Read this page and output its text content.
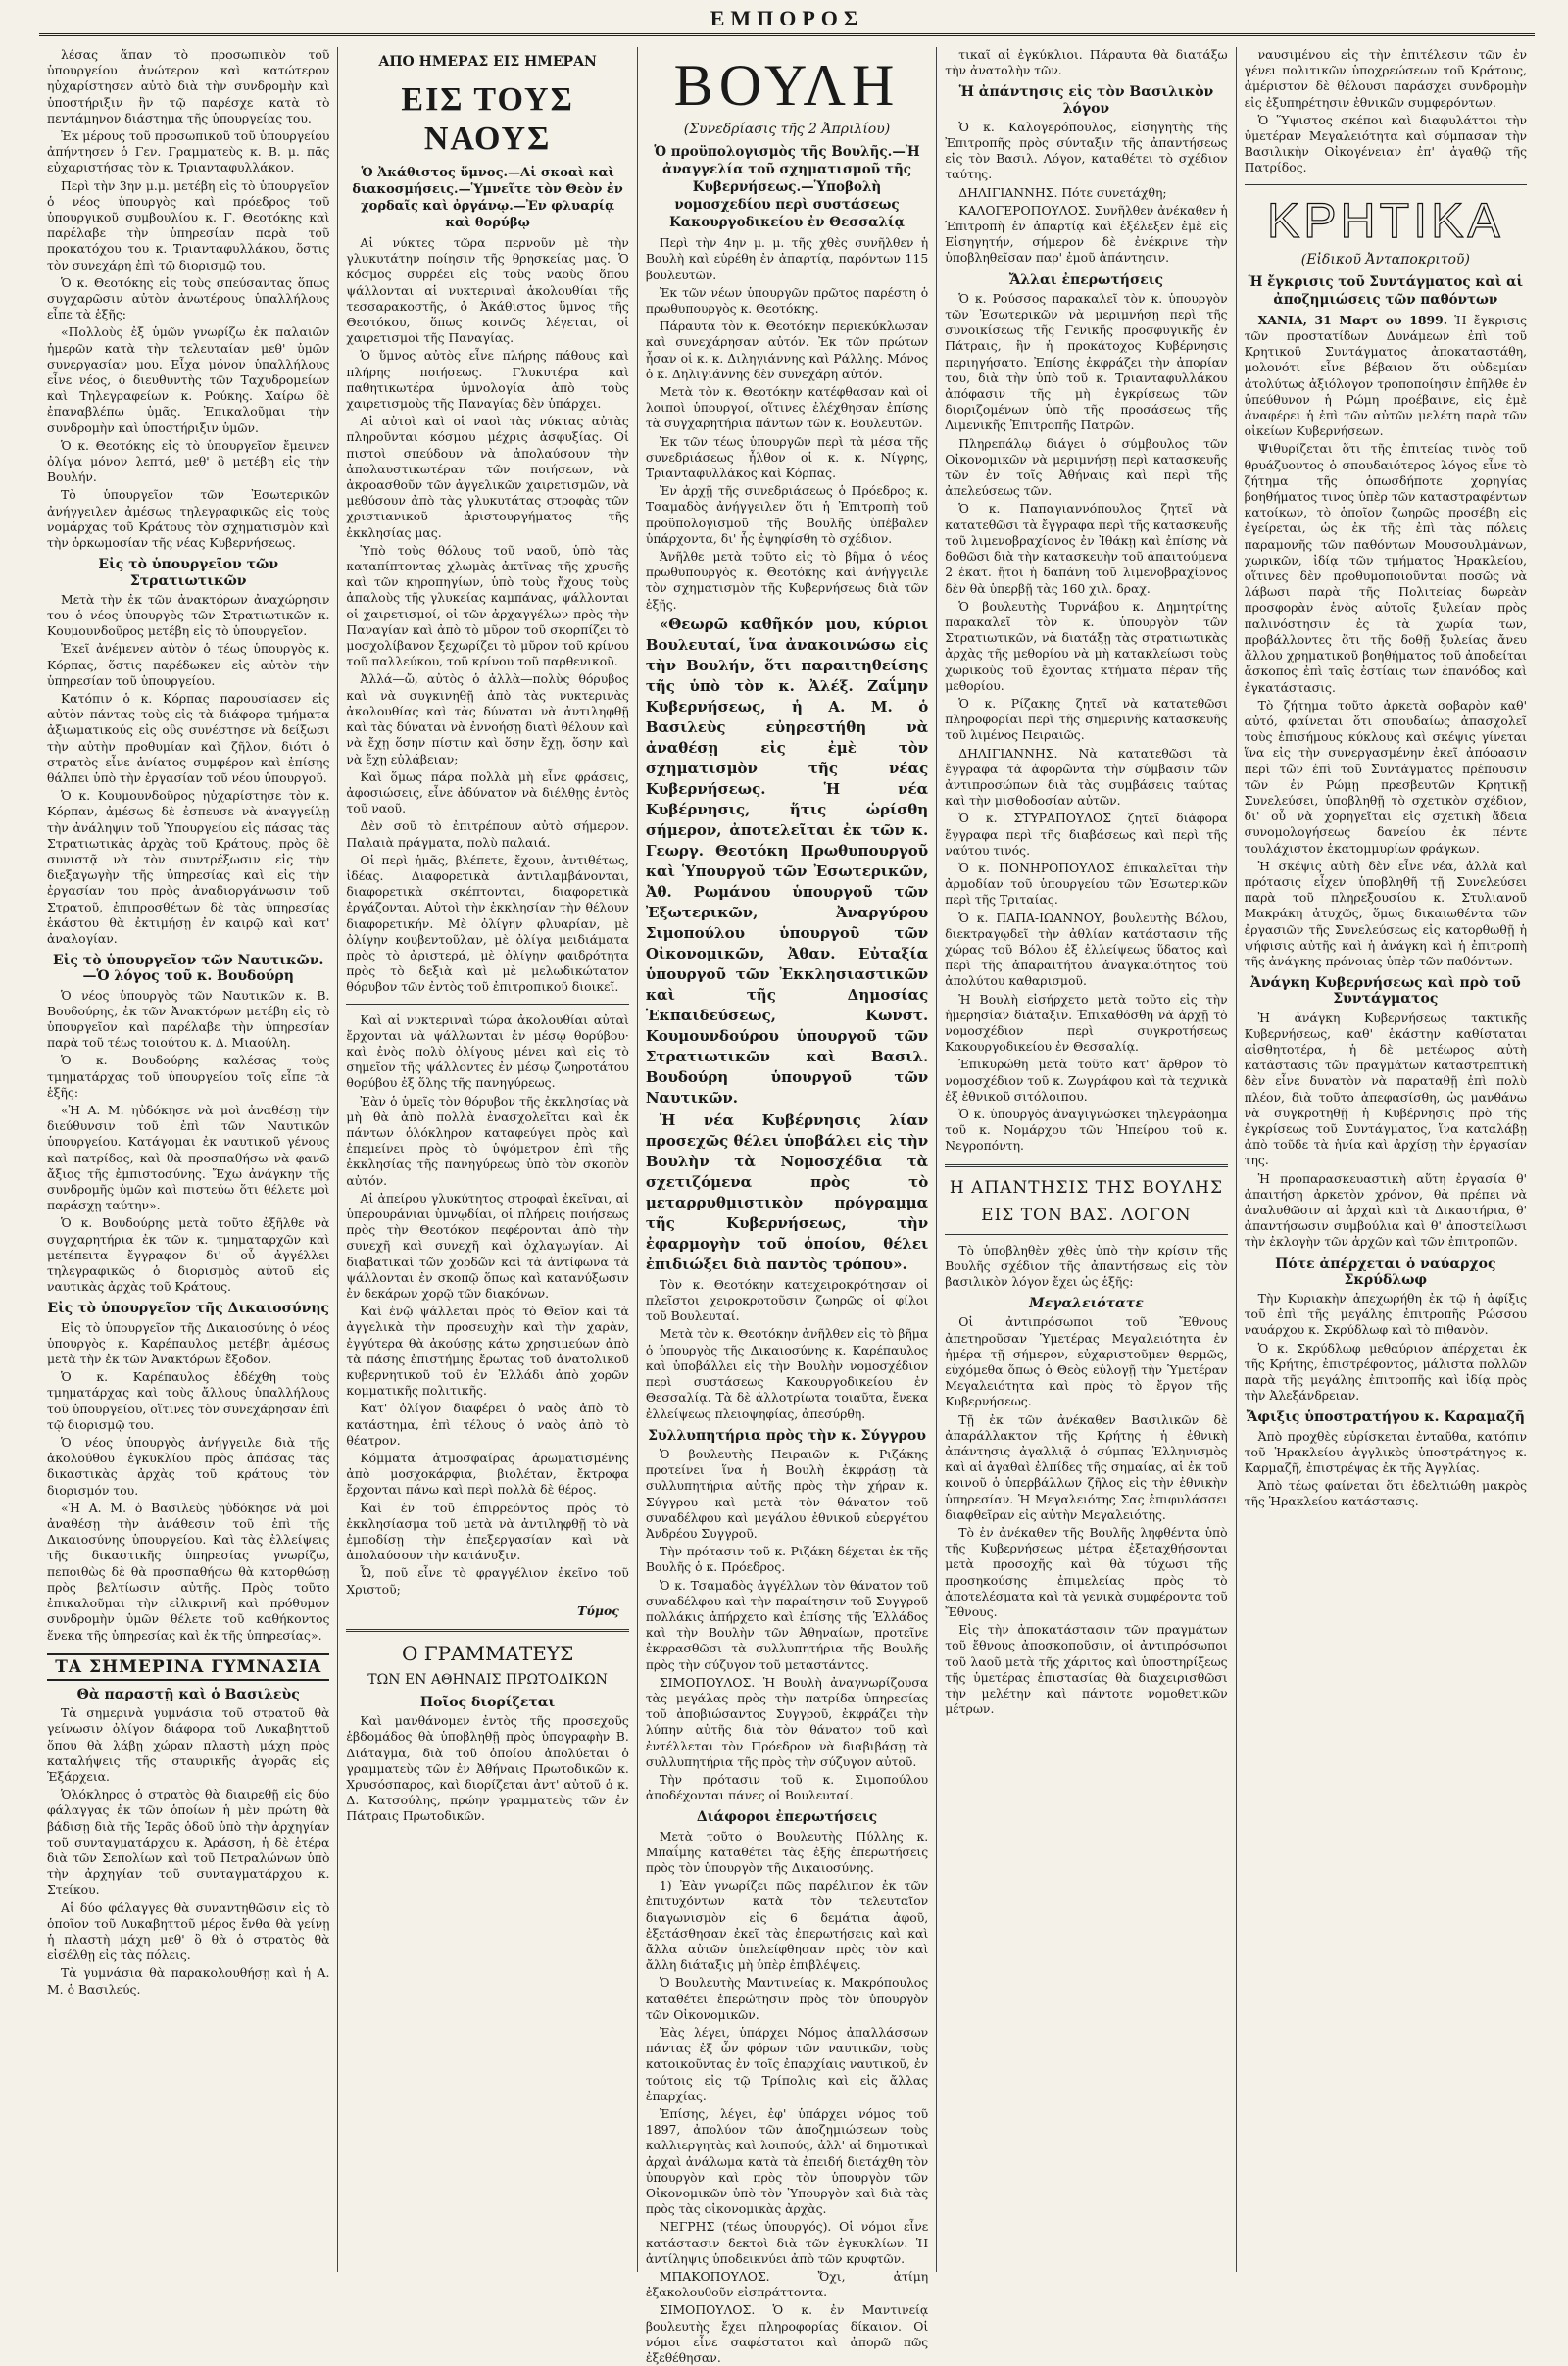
ΕΜΠΟΡΟΣ

λέσας ἅπαν τὸ προσωπικὸν τοῦ ὑπουργείου ἀνώτερον καὶ κατώτερον ηὐχαρίστησεν αὐτὸ διὰ τὴν συνδρομὴν καὶ ὑποστήριξιν ἣν τῷ παρέσχε κατὰ τὸ πεντάμηνον διάστημα τῆς ὑπουργείας του.

Ἐκ μέρους τοῦ προσωπικοῦ τοῦ ὑπουργείου ἀπήντησεν ὁ Γεν. Γραμματεὺς κ. Β. μ. πᾶς εὐχαριστήσας τὸν κ. Τριανταφυλλάκον.

Περὶ τὴν 3ην μ.μ. μετέβη εἰς τὸ ὑπουργεῖον ὁ νέος ὑπουργὸς καὶ πρόεδρος τοῦ ὑπουργικοῦ συμβουλίου κ. Γ. Θεοτόκης καὶ παρέλαβε τὴν ὑπηρεσίαν παρὰ τοῦ προκατόχου του κ. Τριανταφυλλάκου, ὅστις τὸν συνεχάρη ἐπὶ τῷ διορισμῷ του.

Ὁ κ. Θεοτόκης εἰς τοὺς σπεύσαντας ὅπως συγχαρῶσιν αὐτὸν ἀνωτέρους ὑπαλλήλους εἶπε τὰ ἑξῆς:

«Πολλοὺς ἐξ ὑμῶν γνωρίζω ἐκ παλαιῶν ἡμερῶν κατὰ τὴν τελευταίαν μεθ' ὑμῶν συνεργασίαν μου. Εἶχα μόνον ὑπαλλήλους εἶνε νέος, ὁ διευθυντὴς τῶν Ταχυδρομείων καὶ Τηλεγραφείων κ. Ρούκης. Χαίρω δὲ ἐπαναβλέπω ὑμᾶς. Ἐπικαλοῦμαι τὴν συνδρομὴν καὶ ὑποστήριξιν ὑμῶν.

Ὁ κ. Θεοτόκης εἰς τὸ ὑπουργεῖον ἔμεινεν ὀλίγα μόνον λεπτά, μεθ' ὃ μετέβη εἰς τὴν Βουλήν.

Τὸ ὑπουργεῖον τῶν Ἐσωτερικῶν ἀνήγγειλεν ἀμέσως τηλεγραφικῶς εἰς τοὺς νομάρχας τοῦ Κράτους τὸν σχηματισμὸν καὶ τὴν ὁρκωμοσίαν τῆς νέας Κυβερνήσεως.

Εἰς τὸ ὑπουργεῖον τῶν Στρατιωτικῶν

Μετὰ τὴν ἐκ τῶν ἀνακτόρων ἀναχώρησιν του ὁ νέος ὑπουργὸς τῶν Στρατιωτικῶν κ. Κουμουνδοῦρος μετέβη εἰς τὸ ὑπουργεῖον.

Ἐκεῖ ἀνέμενεν αὐτὸν ὁ τέως ὑπουργὸς κ. Κόρπας, ὅστις παρέδωκεν εἰς αὐτὸν τὴν ὑπηρεσίαν τοῦ ὑπουργείου.

Κατόπιν ὁ κ. Κόρπας παρουσίασεν εἰς αὐτὸν πάντας τοὺς εἰς τὰ διάφορα τμήματα ἀξιωματικούς εἰς οὓς συνέστησε νὰ δείξωσι τὴν αὐτὴν προθυμίαν καὶ ζῆλον, διότι ὁ στρατὸς εἶνε ἀνίατος συμφέρον καὶ ἐπίσης θάλπει ὑπὸ τὴν ἐργασίαν τοῦ νέου ὑπουργοῦ.

Ὁ κ. Κουμουνδοῦρος ηὐχαρίστησε τὸν κ. Κόρπαν, ἀμέσως δὲ ἐσπευσε νὰ ἀναγγείλῃ τὴν ἀνάληψιν τοῦ Ὑπουργείου εἰς πάσας τὰς Στρατιωτικὰς ἀρχὰς τοῦ Κράτους, πρὸς δὲ συνιστᾷ νὰ τὸν συντρέξωσιν εἰς τὴν διεξαγωγὴν τῆς ὑπηρεσίας καὶ εἰς τὴν ἐργασίαν του πρὸς ἀναδιοργάνωσιν τοῦ Στρατοῦ, ἐπιπροσθέτων δὲ τὰς ὑπηρεσίας ἑκάστου θὰ ἐκτιμήσῃ ἐν καιρῷ καὶ κατ' ἀναλογίαν.

Εἰς τὸ ὑπουργεῖον τῶν Ναυτικῶν.—Ὁ λόγος τοῦ κ. Βουδούρη

Ὁ νέος ὑπουργὸς τῶν Ναυτικῶν κ. Β. Βουδούρης, ἐκ τῶν Ἀνακτόρων μετέβη εἰς τὸ ὑπουργεῖον καὶ παρέλαβε τὴν ὑπηρεσίαν παρὰ τοῦ τέως τοιούτου κ. Δ. Μιαούλη.

Ὁ κ. Βουδούρης καλέσας τοὺς τμηματάρχας τοῦ ὑπουργείου τοῖς εἶπε τὰ ἑξῆς:

«Ἡ Α. Μ. ηὐδόκησε νὰ μοὶ ἀναθέσῃ τὴν διεύθυνσιν τοῦ ἐπὶ τῶν Ναυτικῶν ὑπουργείου. Κατάγομαι ἐκ ναυτικοῦ γένους καὶ πατρίδος, καὶ θὰ προσπαθήσω νὰ φανῶ ἄξιος τῆς ἐμπιστοσύνης. Ἔχω ἀνάγκην τῆς συνδρομῆς ὑμῶν καὶ πιστεύω ὅτι θέλετε μοὶ παράσχῃ ταύτην».

Ὁ κ. Βουδούρης μετὰ τοῦτο ἐξῆλθε νὰ συγχαρητήρια ἐκ τῶν κ. τμηματαρχῶν καὶ μετέπειτα ἔγγραφον δι' οὗ ἀγγέλλει τηλεγραφικῶς ὁ διορισμὸς αὐτοῦ εἰς ναυτικὰς ἀρχὰς τοῦ Κράτους.

Εἰς τὸ ὑπουργεῖον τῆς Δικαιοσύνης

Εἰς τὸ ὑπουργεῖον τῆς Δικαιοσύνης ὁ νέος ὑπουργὸς κ. Καρέπαυλος μετέβη ἀμέσως μετὰ τὴν ἐκ τῶν Ἀνακτόρων ἔξοδον.

Ὁ κ. Καρέπαυλος ἐδέχθη τοὺς τμηματάρχας καὶ τοὺς ἄλλους ὑπαλλήλους τοῦ ὑπουργείου, οἵτινες τὸν συνεχάρησαν ἐπὶ τῷ διορισμῷ του.

Ὁ νέος ὑπουργὸς ἀνήγγειλε διὰ τῆς ἀκολούθου ἐγκυκλίου πρὸς ἁπάσας τὰς δικαστικὰς ἀρχὰς τοῦ κράτους τὸν διορισμόν του.

«Ἡ Α. Μ. ὁ Βασιλεὺς ηὐδόκησε νὰ μοὶ ἀναθέσῃ τὴν ἀνάθεσιν τοῦ ἐπὶ τῆς Δικαιοσύνης ὑπουργείου. Καὶ τὰς ἐλλείψεις τῆς δικαστικῆς ὑπηρεσίας γνωρίζω, πεποιθὼς δὲ θὰ προσπαθήσω θὰ κατορθώσῃ πρὸς βελτίωσιν αὐτῆς. Πρὸς τοῦτο ἐπικαλοῦμαι τὴν εἰλικρινῆ καὶ πρόθυμον συνδρομὴν ὑμῶν θέλετε τοῦ καθήκοντος ἕνεκα τῆς ὑπηρεσίας καὶ ἐκ τῆς ὑπηρεσίας».

ΤΑ ΣΗΜΕΡΙΝΑ ΓΥΜΝΑΣΙΑ
Θὰ παραστῇ καὶ ὁ Βασιλεὺς

Τὰ σημερινὰ γυμνάσια τοῦ στρατοῦ θὰ γείνωσιν ὀλίγον διάφορα τοῦ Λυκαβηττοῦ ὅπου θὰ λάβῃ χώραν πλαστὴ μάχη πρὸς καταλήψεις τῆς σταυρικῆς ἀγορᾶς εἰς Ἑξάρχεια.

Ὁλόκληρος ὁ στρατὸς θὰ διαιρεθῇ εἰς δύο φάλαγγας ἐκ τῶν ὁποίων ἡ μὲν πρώτη θὰ βάδισῃ διὰ τῆς Ἱερᾶς ὁδοῦ ὑπὸ τὴν ἀρχηγίαν τοῦ συνταγματάρχου κ. Ἀράσση, ἡ δὲ ἑτέρα διὰ τῶν Σεπολίων καὶ τοῦ Πετραλώνων ὑπὸ τὴν ἀρχηγίαν τοῦ συνταγματάρχου κ. Στείκου.

Αἱ δύο φάλαγγες θὰ συναντηθῶσιν εἰς τὸ ὁποῖον τοῦ Λυκαβηττοῦ μέρος ἔνθα θὰ γείνῃ ἡ πλαστὴ μάχη μεθ' ὃ θὰ ὁ στρατὸς θὰ εἰσέλθῃ εἰς τὰς πόλεις.

Τὰ γυμνάσια θὰ παρακολουθήσῃ καὶ ἡ Α. Μ. ὁ Βασιλεύς.

ΑΠΟ ΗΜΕΡΑΣ ΕΙΣ ΗΜΕΡΑΝ
ΕΙΣ ΤΟΥΣ ΝΑΟΥΣ
Ὁ Ἀκάθιστος ὕμνος.—Αἱ σκοαὶ καὶ διακοσμήσεις.—Ὑμνεῖτε τὸν Θεὸν ἐν χορδαῖς καὶ ὀργάνῳ.—Ἐν φλυαρίᾳ καὶ θορύβῳ

Αἱ νύκτες τῶρα περνοῦν μὲ τὴν γλυκυτάτην ποίησιν τῆς θρησκείας μας. Ὁ κόσμος συρρέει εἰς τοὺς ναοὺς ὅπου ψάλλονται αἱ νυκτεριναὶ ἀκολουθίαι τῆς τεσσαρακοστῆς, ὁ Ἀκάθιστος ὕμνος τῆς Θεοτόκου, ὅπως κοινῶς λέγεται, οἱ χαιρετισμοὶ τῆς Παναγίας.

Ὁ ὕμνος αὐτὸς εἶνε πλήρης πάθους καὶ πλήρης ποιήσεως. Γλυκυτέρα καὶ παθητικωτέρα ὑμνολογία ἀπὸ τοὺς χαιρετισμοὺς τῆς Παναγίας δὲν ὑπάρχει.

Αἱ αὐτοὶ καὶ οἱ ναοὶ τὰς νύκτας αὐτὰς πληροῦνται κόσμου μέχρις ἀσφυξίας. Οἱ πιστοὶ σπεύδουν νὰ ἀπολαύσουν τὴν ἀπολαυστικωτέραν τῶν ποιήσεων, νὰ ἀκροασθοῦν τῶν ἀγγελικῶν χαιρετισμῶν, νὰ μεθύσουν ἀπὸ τὰς γλυκυτάτας στροφὰς τῶν χριστιανικοῦ ἀριστουργήματος τῆς ἐκκλησίας μας.

Ὑπὸ τοὺς θόλους τοῦ ναοῦ, ὑπὸ τὰς καταπίπτοντας χλωμὰς ἀκτῖνας τῆς χρυσῆς καὶ τῶν κηροπηγίων, ὑπὸ τοὺς ἤχους τοὺς ἁπαλοὺς τῆς γλυκείας καμπάνας, ψάλλονται οἱ χαιρετισμοί, οἱ τῶν ἀρχαγγέλων πρὸς τὴν Παναγίαν καὶ ἀπὸ τὸ μῦρον τοῦ σκορπίζει τὸ μοσχολίβανον ξεχωρίζει τὸ μῦρον τοῦ κρίνου τοῦ παλλεύκου, τοῦ κρίνου τοῦ παρθενικοῦ.

Ἀλλά—ὤ, αὐτὸς ὁ ἀλλὰ—πολὺς θόρυβος καὶ νὰ συγκινηθῇ ἀπὸ τὰς νυκτερινὰς ἀκολουθίας καὶ τὰς δύναται νὰ ἀντιληφθῇ καὶ τὰς δύναται νὰ ἐννοήσῃ διατὶ θέλουν καὶ νὰ ἔχῃ ὅσην πίστιν καὶ ὅσην ἔχῃ, ὅσην καὶ νὰ ἔχῃ εὐλάβειαν;

Καὶ ὅμως πάρα πολλὰ μὴ εἶνε φράσεις, ἀφοσιώσεις, εἶνε ἀδύνατον νὰ διέλθῃς ἐντὸς τοῦ ναοῦ.

Δὲν σοῦ τὸ ἐπιτρέπουν αὐτὸ σήμερον. Παλαιὰ πράγματα, πολὺ παλαιά.

Οἱ περὶ ἡμᾶς, βλέπετε, ἔχουν, ἀντιθέτως, ἰδέας. Διαφορετικὰ ἀντιλαμβάνονται, διαφορετικὰ σκέπτονται, διαφορετικὰ ἐργάζονται. Αὐτοὶ τὴν ἐκκλησίαν τὴν θέλουν διαφορετικήν. Μὲ ὀλίγην φλυαρίαν, μὲ ὀλίγην κουβεντοῦλαν, μὲ ὀλίγα μειδιάματα πρὸς τὸ ἀριστερά, μὲ ὀλίγην φαιδρότητα πρὸς τὸ δεξιὰ καὶ μὲ μελωδικώτατον θόρυβον τῶν ἐντὸς τοῦ ἐπιτροπικοῦ διοικεῖ.

Καὶ αἱ νυκτεριναὶ τώρα ἀκολουθίαι αὐταὶ ἔρχονται νὰ ψάλλωνται ἐν μέσῳ θορύβου· καὶ ἐνὸς πολὺ ὀλίγους μένει καὶ εἰς τὸ σημεῖον τῆς ψάλλοντες ἐν μέσῳ ζωηροτάτου θορύβου ἐξ ὅλης τῆς πανηγύρεως.

Ἐὰν ὁ ὑμεῖς τὸν θόρυβον τῆς ἐκκλησίας νὰ μὴ θὰ ἀπὸ πολλὰ ἐνασχολεῖται καὶ ἐκ πάντων ὁλόκληρον καταφεύγει πρὸς καὶ ἐπεμείνει πρὸς τὸ ὑψόμετρον ἐπὶ τῆς ἐκκλησίας τῆς πανηγύρεως ὑπὸ τὸν σκοπὸν αὐτόν.

Αἱ ἀπείρου γλυκύτητος στροφαὶ ἐκεῖναι, αἱ ὑπερουράνιαι ὑμνῳδίαι, οἱ πλήρεις ποιήσεως πρὸς τὴν Θεοτόκον πεφέρονται ἀπὸ τὴν συνεχῆ καὶ συνεχῆ καὶ ὀχλαγωγίαν. Αἱ διαβατικαὶ τῶν χορδῶν καὶ τὰ ἀντίφωνα τὰ ψάλλονται ἐν σκοπῷ ὅπως καὶ κατανύξωσιν ἐν δεκάρων χορῷ τῶν διακόνων.

Καὶ ἐνῷ ψάλλεται πρὸς τὸ Θεῖον καὶ τὰ ἀγγελικὰ τὴν προσευχὴν καὶ τὴν χαρὰν, ἐγγύτερα θὰ ἀκούσῃς κάτω χρησιμεύων ἀπὸ τὰ πάσης ἐπιστήμης ἔρωτας τοῦ ἀνατολικοῦ κυβερνητικοῦ τοῦ ἐν Ἑλλάδι ἀπὸ χορῶν κομματικῆς πολιτικῆς.

Κατ' ὀλίγον διαφέρει ὁ ναὸς ἀπὸ τὸ κατάστημα, ἐπὶ τέλους ὁ ναὸς ἀπὸ τὸ θέατρον.

Κόμματα ἀτμοσφαίρας ἀρωματισμένης ἀπὸ μοσχοκάρφια, βιολέταν, ἔκτροφα ἔρχονται πάνω καὶ περὶ πολλὰ δὲ θέρος.

Καὶ ἐν τοῦ ἐπιρρεόντος πρὸς τὸ ἐκκλησίασμα τοῦ μετὰ νὰ ἀντιληφθῇ τὸ νὰ ἐμποδίσῃ τὴν ἐπεξεργασίαν καὶ νὰ ἀπολαύσουν τὴν κατάνυξιν.

Ὦ, ποῦ εἶνε τὸ φραγγέλιον ἐκεῖνο τοῦ Χριστοῦ;

Τύμος
Ο ΓΡΑΜΜΑΤΕΥΣ
ΤΩΝ ΕΝ ΑΘΗΝΑΙΣ ΠΡΩΤΟΔΙΚΩΝ
Ποῖος διορίζεται

Καὶ μανθάνομεν ἐντὸς τῆς προσεχοῦς ἑβδομάδος θὰ ὑποβληθῇ πρὸς ὑπογραφὴν Β. Διάταγμα, διὰ τοῦ ὁποίου ἀπολύεται ὁ γραμματεὺς τῶν ἐν Ἀθήναις Πρωτοδικῶν κ. Χρυσόσπαρος, καὶ διορίζεται ἀντ' αὐτοῦ ὁ κ. Δ. Κατσούλης, πρώην γραμματεὺς τῶν ἐν Πάτραις Πρωτοδικῶν.

ΒΟΥΛΗ
(Συνεδρίασις τῆς 2 Ἀπριλίου)
Ὁ προϋπολογισμὸς τῆς Βουλῆς.—Ἡ ἀναγγελία τοῦ σχηματισμοῦ τῆς Κυβερνήσεως.—Ὑποβολὴ νομοσχεδίου περὶ συστάσεως Κακουργοδικείου ἐν Θεσσαλίᾳ

Περὶ τὴν 4ην μ. μ. τῆς χθὲς συνῆλθεν ἡ Βουλὴ καὶ εὑρέθη ἐν ἀπαρτίᾳ, παρόντων 115 βουλευτῶν.

Ἐκ τῶν νέων ὑπουργῶν πρῶτος παρέστη ὁ πρωθυπουργὸς κ. Θεοτόκης.

Πάραυτα τὸν κ. Θεοτόκην περιεκύκλωσαν καὶ συνεχάρησαν αὐτόν. Ἐκ τῶν πρώτων ἦσαν οἱ κ. κ. Διληγιάννης καὶ Ράλλης. Μόνος ὁ κ. Δηλιγιάννης δὲν συνεχάρη αὐτόν.

Μετὰ τὸν κ. Θεοτόκην κατέφθασαν καὶ οἱ λοιποὶ ὑπουργοί, οἵτινες ἐλέχθησαν ἐπίσης τὰ συγχαρητήρια πάντων τῶν κ. Βουλευτῶν.

Ἐκ τῶν τέως ὑπουργῶν περὶ τὰ μέσα τῆς συνεδριάσεως ἦλθον οἱ κ. κ. Νίγρης, Τριανταφυλλάκος καὶ Κόρπας.

Ἐν ἀρχῇ τῆς συνεδριάσεως ὁ Πρόεδρος κ. Τσαμαδὸς ἀνήγγειλεν ὅτι ἡ Ἐπιτροπὴ τοῦ προϋπολογισμοῦ τῆς Βουλῆς ὑπέβαλεν ὑπάρχοντα, δι' ἧς ἐψηφίσθη τὸ σχέδιον.

Ἀνῆλθε μετὰ τοῦτο εἰς τὸ βῆμα ὁ νέος πρωθυπουργὸς κ. Θεοτόκης καὶ ἀνήγγειλε τὸν σχηματισμὸν τῆς Κυβερνήσεως διὰ τῶν ἑξῆς.

«Θεωρῶ καθῆκόν μου, κύριοι Βουλευταί, ἵνα ἀνακοινώσω εἰς τὴν Βουλήν, ὅτι παραιτηθείσης τῆς ὑπὸ τὸν κ. Ἀλέξ. Ζαΐμην Κυβερνήσεως, ἡ Α. Μ. ὁ Βασιλεὺς εὐηρεστήθη νὰ ἀναθέσῃ εἰς ἐμὲ τὸν σχηματισμὸν τῆς νέας Κυβερνήσεως. Ἡ νέα Κυβέρνησις, ἥτις ὡρίσθη σήμερον, ἀποτελεῖται ἐκ τῶν κ. Γεωργ. Θεοτόκη Πρωθυπουργοῦ καὶ Ὑπουργοῦ τῶν Ἐσωτερικῶν, Ἀθ. Ρωμάνου ὑπουργοῦ τῶν Ἐξωτερικῶν, Ἀναργύρου Σιμοπούλου ὑπουργοῦ τῶν Οἰκονομικῶν, Ἀθαν. Εὐταξία ὑπουργοῦ τῶν Ἐκκλησιαστικῶν καὶ τῆς Δημοσίας Ἐκπαιδεύσεως, Κωνστ. Κουμουνδούρου ὑπουργοῦ τῶν Στρατιωτικῶν καὶ Βασιλ. Βουδούρη ὑπουργοῦ τῶν Ναυτικῶν.

Ἡ νέα Κυβέρνησις λίαν προσεχῶς θέλει ὑποβάλει εἰς τὴν Βουλὴν τὰ Νομοσχέδια τὰ σχετιζόμενα πρὸς τὸ μεταρρυθμιστικὸν πρόγραμμα τῆς Κυβερνήσεως, τὴν ἐφαρμογὴν τοῦ ὁποίου, θέλει ἐπιδιώξει διὰ παντὸς τρόπου».

Τὸν κ. Θεοτόκην κατεχειροκρότησαν οἱ πλεῖστοι χειροκροτοῦσιν ζωηρῶς οἱ φίλοι τοῦ Βουλευταί.

Μετὰ τὸν κ. Θεοτόκην ἀνῆλθεν εἰς τὸ βῆμα ὁ ὑπουργὸς τῆς Δικαιοσύνης κ. Καρέπαυλος καὶ ὑποβάλλει εἰς τὴν Βουλὴν νομοσχέδιον περὶ συστάσεως Κακουργοδικείου ἐν Θεσσαλίᾳ. Τὰ δὲ ἀλλοτρίωτα τοιαῦτα, ἔνεκα ἐλλείψεως πλειοψηφίας, ἀπεσύρθη.

Συλλυπητήρια πρὸς τὴν κ. Σύγγρου

Ὁ βουλευτὴς Πειραιῶν κ. Ριζάκης προτείνει ἵνα ἡ Βουλὴ ἐκφράσῃ τὰ συλλυπητήρια αὐτῆς πρὸς τὴν χήραν κ. Σύγγρου καὶ μετὰ τὸν θάνατον τοῦ συναδέλφου καὶ μεγάλου ἐθνικοῦ εὐεργέτου Ἀνδρέου Συγγροῦ.

Τὴν πρότασιν τοῦ κ. Ριζάκη δέχεται ἐκ τῆς Βουλῆς ὁ κ. Πρόεδρος.

Ὁ κ. Τσαμαδὸς ἀγγέλλων τὸν θάνατον τοῦ συναδέλφου καὶ τὴν παραίτησιν τοῦ Συγγροῦ πολλάκις ἀπήρχετο καὶ ἐπίσης τῆς Ἑλλάδος καὶ τὴν Βουλὴν τῶν Ἀθηναίων, προτεῖνε ἐκφρασθῶσι τὰ συλλυπητήρια τῆς Βουλῆς πρὸς τὴν σύζυγον τοῦ μεταστάντος.

ΣΙΜΟΠΟΥΛΟΣ. Ἡ Βουλὴ ἀναγνωρίζουσα τὰς μεγάλας πρὸς τὴν πατρίδα ὑπηρεσίας τοῦ ἀποβιώσαντος Συγγροῦ, ἐκφράζει τὴν λύπην αὐτῆς διὰ τὸν θάνατον τοῦ καὶ ἐντέλλεται τὸν Πρόεδρον νὰ διαβιβάσῃ τὰ συλλυπητήρια τῆς πρὸς τὴν σύζυγον αὐτοῦ.

Τὴν πρότασιν τοῦ κ. Σιμοπούλου ἀποδέχονται πάνες οἱ Βουλευταί.

Διάφοροι ἐπερωτήσεις

Μετὰ τοῦτο ὁ Βουλευτὴς Πύλλης κ. Μπαΐμης καταθέτει τὰς ἑξῆς ἐπερωτήσεις πρὸς τὸν ὑπουργὸν τῆς Δικαιοσύνης.

1) Ἐὰν γνωρίζει πῶς παρέλιπον ἐκ τῶν ἐπιτυχόντων κατὰ τὸν τελευταῖον διαγωνισμὸν εἰς 6 δεμάτια ἀφοῦ, ἐξετάσθησαν ἐκεῖ τὰς ἐπερωτήσεις καὶ καὶ ἄλλα αὐτῶν ὑπελείφθησαν πρὸς τὸν καὶ ἄλλη διάταξις μὴ ὑπὲρ ἐπιβλέψεις.

Ὁ Βουλευτὴς Μαντινείας κ. Μακρόπουλος καταθέτει ἐπερώτησιν πρὸς τὸν ὑπουργὸν τῶν Οἰκονομικῶν.

Ἐὰς λέγει, ὑπάρχει Νόμος ἀπαλλάσσων πάντας ἐξ ὧν φόρων τῶν ναυτικῶν, τοὺς κατοικοῦντας ἐν τοῖς ἐπαρχίαις ναυτικοῦ, ἐν τούτοις εἰς τῷ Τρίπολις καὶ εἰς ἄλλας ἐπαρχίας.

Ἐπίσης, λέγει, ἐφ' ὑπάρχει νόμος τοῦ 1897, ἀπολύον τῶν ἀποζημιώσεων τοὺς καλλιεργητὰς καὶ λοιπούς, ἀλλ' αἱ δημοτικαὶ ἀρχαὶ ἀνάλωμα κατὰ τὰ ἐπειδή διετάχθη τὸν ὑπουργὸν καὶ πρὸς τὸν ὑπουργὸν τῶν Οἰκονομικῶν ὑπὸ τὸν Ὑπουργὸν καὶ διὰ τὰς πρὸς τὰς οἰκονομικὰς ἀρχὰς.

ΝΕΓΡΗΣ (τέως ὑπουργός). Οἱ νόμοι εἶνε κατάστασιν δεκτοὶ διὰ τῶν ἐγκυκλίων. Ἡ ἀντίληψις ὑποδεικνύει ἀπὸ τῶν κρυφτῶν.

ΜΠΑΚΟΠΟΥΛΟΣ. Ὄχι, ἀτίμη ἐξακολουθοῦν εἰσπράττοντα.

ΣΙΜΟΠΟΥΛΟΣ. Ὁ κ. ἐν Μαντινείᾳ βουλευτὴς ἔχει πληροφορίας δίκαιον. Οἱ νόμοι εἶνε σαφέστατοι καὶ ἀπορῶ πῶς ἐξεθέθησαν.

τικαῖ αἱ ἐγκύκλιοι. Πάραυτα θὰ διατάξω τὴν ἀνατολὴν τῶν.

Ἡ ἀπάντησις εἰς τὸν Βασιλικὸν λόγον

Ὁ κ. Καλογερόπουλος, εἰσηγητὴς τῆς Ἐπιτροπῆς πρὸς σύνταξιν τῆς ἀπαντήσεως εἰς τὸν Βασιλ. Λόγον, καταθέτει τὸ σχέδιον ταύτης.

ΔΗΛΙΓΙΑΝΝΗΣ. Πότε συνετάχθη;

ΚΑΛΟΓΕΡΟΠΟΥΛΟΣ. Συνῆλθεν ἀνέκαθεν ἡ Ἐπιτροπὴ ἐν ἀπαρτίᾳ καὶ ἐξέλεξεν ἐμὲ εἰς Εἰσηγητήν, σήμερον δὲ ἐνέκρινε τὴν ὑποβληθεῖσαν παρ' ἐμοῦ ἀπάντησιν.

Ἄλλαι ἐπερωτήσεις

Ὁ κ. Ρούσσος παρακαλεῖ τὸν κ. ὑπουργὸν τῶν Ἐσωτερικῶν νὰ μεριμνήσῃ περὶ τῆς συνοικίσεως τῆς Γενικῆς προσφυγικῆς ἐν Πάτραις, ἣν ἡ προκάτοχος Κυβέρνησις περιηγήσατο. Ἐπίσης ἐκφράζει τὴν ἀπορίαν του, διὰ τὴν ὑπὸ τοῦ κ. Τριανταφυλλάκου ἀπόφασιν τῆς μὴ ἐγκρίσεως τῶν διοριζομένων ὑπὸ τῆς προσάσεως τῆς Λιμενικῆς Ἐπιτροπῆς Πατρῶν.

Πληρεπάλῳ διάγει ὁ σύμβουλος τῶν Οἰκονομικῶν νὰ μεριμνήσῃ περὶ κατασκευῆς τῶν ἐν τοῖς Ἀθήναις καὶ περὶ τῆς ἀπελεύσεως τῶν.

Ὁ κ. Παπαγιαννόπουλος ζητεῖ νὰ κατατεθῶσι τὰ ἔγγραφα περὶ τῆς κατασκευῆς τοῦ λιμενοβραχίονος ἐν Ἰθάκῃ καὶ ἐπίσης νὰ δοθῶσι διὰ τὴν κατασκευὴν τοῦ ἀπαιτούμενα 2 ἐκατ. ἤτοι ἡ δαπάνη τοῦ λιμενοβραχίονος δὲν θὰ ὑπερβῇ τὰς 160 χιλ. δραχ.

Ὁ βουλευτὴς Τυρνάβου κ. Δημητρίτης παρακαλεῖ τὸν κ. ὑπουργὸν τῶν Στρατιωτικῶν, νὰ διατάξῃ τὰς στρατιωτικὰς ἀρχὰς τῆς μεθορίου νὰ μὴ κατακλείωσι τοὺς χωρικοὺς τοῦ ἔχοντας κτήματα πέραν τῆς μεθορίου.

Ὁ κ. Ρίζακης ζητεῖ νὰ κατατεθῶσι πληροφορίαι περὶ τῆς σημερινῆς κατασκευῆς τοῦ λιμένος Πειραιῶς.

ΔΗΛΙΓΙΑΝΝΗΣ. Νὰ κατατεθῶσι τὰ ἔγγραφα τὰ ἀφορῶντα τὴν σύμβασιν τῶν ἀντιπροσώπων διὰ τὰς συμβάσεις ταύτας καὶ τὴν μισθοδοσίαν αὐτῶν.

Ὁ κ. ΣΤΥΡΑΠΟΥΛΟΣ ζητεῖ διάφορα ἔγγραφα περὶ τῆς διαβάσεως καὶ περὶ τῆς ναύτου τινός.

Ὁ κ. ΠΟΝΗΡΟΠΟΥΛΟΣ ἐπικαλεῖται τὴν ἀρμοδίαν τοῦ ὑπουργείου τῶν Ἐσωτερικῶν περὶ τῆς Τριταίας.

Ὁ κ. ΠΑΠΑ-ΙΩΑΝΝΟΥ, βουλευτὴς Βόλου, διεκτραγῳδεῖ τὴν ἀθλίαν κατάστασιν τῆς χώρας τοῦ Βόλου ἐξ ἐλλείψεως ὕδατος καὶ περὶ τῆς ἀπαραιτήτου ἀναγκαιότητος τοῦ ἀπολύτου καθαρισμοῦ.

Ἡ Βουλὴ εἰσήρχετο μετὰ τοῦτο εἰς τὴν ἡμερησίαν διάταξιν. Ἐπικαθόσθη νὰ ἀρχῇ τὸ νομοσχέδιον περὶ συγκροτήσεως Κακουργοδικείου ἐν Θεσσαλίᾳ.

Ἐπικυρώθη μετὰ τοῦτο κατ' ἄρθρον τὸ νομοσχέδιον τοῦ κ. Ζωγράφου καὶ τὰ τεχνικὰ ἐξ ἐθνικοῦ σιτόλοιπου.

Ὁ κ. ὑπουργὸς ἀναγιγνώσκει τηλεγράφημα τοῦ κ. Νομάρχου τῶν Ἠπείρου τοῦ κ. Νεγροπόντη.

Η ΑΠΑΝΤΗΣΙΣ ΤΗΣ ΒΟΥΛΗΣ
ΕΙΣ ΤΟΝ ΒΑΣ. ΛΟΓΟΝ

Τὸ ὑποβληθὲν χθὲς ὑπὸ τὴν κρίσιν τῆς Βουλῆς σχέδιον τῆς ἀπαντήσεως εἰς τὸν βασιλικὸν λόγον ἔχει ὡς ἑξῆς:

Μεγαλειότατε

Οἱ ἀντιπρόσωποι τοῦ Ἔθνους ἀπετηροῦσαν Ὑμετέρας Μεγαλειότητα ἐν ἡμέρα τῇ σήμερον, εὐχαριστοῦμεν θερμῶς, εὐχόμεθα ὅπως ὁ Θεὸς εὐλογῇ τὴν Ὑμετέραν Μεγαλειότητα καὶ πρὸς τὸ ἔργον τῆς Κυβερνήσεως.

Τῇ ἐκ τῶν ἀνέκαθεν Βασιλικῶν δὲ ἀπαράλλακτον τῆς Κρήτης ἡ ἐθνικὴ ἀπάντησις ἀγαλλιᾷ ὁ σύμπας Ἑλληνισμὸς καὶ αἱ ἀγαθαὶ ἐλπίδες τῆς σημαίας, αἱ ἐκ τοῦ κοινοῦ ὁ ὑπερβάλλων ζῆλος εἰς τὴν ἐθνικὴν ὑπηρεσίαν. Ἡ Μεγαλειότης Σας ἐπιφυλάσσει διαφθεῖραν εἰς αὐτὴν Μεγαλειότης.

Τὸ ἐν ἀνέκαθεν τῆς Βουλῆς ληφθέντα ὑπὸ τῆς Κυβερνήσεως μέτρα ἐξεταχθήσονται μετὰ προσοχῆς καὶ θὰ τύχωσι τῆς προσηκούσης ἐπιμελείας πρὸς τὸ ἀποτελέσματα καὶ τὰ γενικὰ συμφέροντα τοῦ Ἔθνους.

Εἰς τὴν ἀποκατάστασιν τῶν πραγμάτων τοῦ ἔθνους ἀποσκοποῦσιν, οἱ ἀντιπρόσωποι τοῦ λαοῦ μετὰ τῆς χάριτος καὶ ὑποστηρίξεως τῆς ὑμετέρας ἐπιστασίας θὰ διαχειρισθῶσι τὴν μελέτην καὶ πάντοτε νομοθετικῶν μέτρων.

ναυσιμένου εἰς τὴν ἐπιτέλεσιν τῶν ἐν γένει πολιτικῶν ὑποχρεώσεων τοῦ Κράτους, ἀμέριστον δὲ θέλουσι παράσχει συνδρομὴν εἰς ἐξυπηρέτησιν ἐθνικῶν συμφερόντων.

Ὁ Ὕψιστος σκέποι καὶ διαφυλάττοι τὴν ὑμετέραν Μεγαλειότητα καὶ σύμπασαν τὴν Βασιλικὴν Οἰκογένειαν ἐπ' ἀγαθῷ τῆς Πατρίδος.

ΚΡΗΤΙΚΑ
(Εἰδικοῦ Ἀνταποκριτοῦ)
Ἡ ἔγκρισις τοῦ Συντάγματος καὶ αἱ ἀποζημιώσεις τῶν παθόντων

ΧΑΝΙΑ, 31 Μαρτ ου 1899. Ἡ ἔγκρισις τῶν προστατίδων Δυνάμεων ἐπὶ τοῦ Κρητικοῦ Συντάγματος ἀποκαταστάθη, μολονότι εἶνε βέβαιον ὅτι οὐδεμίαν ἀτολύτως ἀξιόλογον τροποποίησιν ἐπῆλθε ἐν ὑπεύθυνον ἡ Ρώμη προέβαινε, εἰς ἐμὲ ἀναφέρει ἡ ἐπὶ τῶν αὐτῶν μελέτη παρὰ τῶν οἰκείων Κυβερνήσεων.

Ψιθυρίζεται ὅτι τῆς ἐπιτείας τινὸς τοῦ θρυάζυοντος ὁ σπουδαιότερος λόγος εἶνε τὸ ζήτημα τῆς ὁπωσδήποτε χορηγίας βοηθήματος τινος ὑπὲρ τῶν καταστραφέντων κατοίκων, τὸ ὁποῖον ζωηρῶς προσέβη εἰς ἐγείρεται, ὡς ἐκ τῆς ἐπὶ τὰς πόλεις παραμονῆς τῶν παθόντων Μουσουλμάνων, χωρικῶν, ἰδίᾳ τῶν τμήματος Ἡρακλείου, οἵτινες δὲν προθυμοποιοῦνται ποσῶς νὰ λάβωσι παρὰ τῆς Πολιτείας δωρεὰν προσφορὰν ἐνὸς αὐτοῖς ξυλείαν πρὸς παλινόστησιν ἐς τὰ χωρία των, προβάλλοντες ὅτι τῆς δοθῇ ξυλείας ἄνευ ἄλλου χρηματικοῦ βοηθήματος τοῦ ἀποδείται ἄσκοπος ἐπὶ ταῖς ἐστίαις των ἐπανόδος καὶ ἐγκατάστασις.

Τὸ ζήτημα τοῦτο ἀρκετὰ σοβαρὸν καθ' αὐτό, φαίνεται ὅτι σπουδαίως ἀπασχολεῖ τοὺς ἐπισήμους κύκλους καὶ σκέψις γίνεται ἵνα εἰς τὴν συνεργασμένην ἐκεῖ ἀπόφασιν περὶ τῶν ἐπὶ τοῦ Συντάγματος πρέπουσιν τῶν ἐν Ρώμῃ πρεσβευτῶν Κρητικῇ Συνελεύσει, ὑποβληθῇ τὸ σχετικὸν σχέδιον, δι' οὗ νὰ χορηγεῖται εἰς σχετικὴ ἄδεια συνομολογήσεως δανείου ἐκ πέντε τουλάχιστον ἑκατομμυρίων φράγκων.

Ἡ σκέψις αὐτὴ δὲν εἶνε νέα, ἀλλὰ καὶ πρότασις εἶχεν ὑποβληθῆ τῇ Συνελεύσει παρὰ τοῦ πληρεξουσίου κ. Στυλιανοῦ Μακράκη ἀτυχῶς, ὅμως δικαιωθέντα τῶν ἐργασιῶν τῆς Συνελεύσεως εἰς κατορθωθῇ ἡ ψήφισις αὐτῆς καὶ ἡ ἀνάγκη καὶ ἡ ἐπιτροπὴ τῆς ἀνάγκης πρόνοιας ὑπὲρ τῶν παθόντων.

Ἀνάγκη Κυβερνήσεως καὶ πρὸ τοῦ Συντάγματος

Ἡ ἀνάγκη Κυβερνήσεως τακτικῆς Κυβερνήσεως, καθ' ἑκάστην καθίσταται αἰσθητοτέρα, ἡ δὲ μετέωρος αὐτὴ κατάστασις τῶν πραγμάτων καταστρεπτικὴ δὲν εἶνε δυνατὸν νὰ παραταθῇ ἐπὶ πολὺ πλέον, διὰ τοῦτο ἀπεφασίσθη, ὡς μανθάνω νὰ συγκροτηθῇ ἡ Κυβέρνησις πρὸ τῆς ἐγκρίσεως τοῦ Συντάγματος, ἵνα καταλάβῃ ἀπὸ τοῦδε τὰ ἡνία καὶ ἀρχίσῃ τὴν ἐργασίαν της.

Ἡ προπαρασκευαστικὴ αὕτη ἐργασία θ' ἀπαιτήσῃ ἀρκετὸν χρόνον, θὰ πρέπει νὰ ἀναλυθῶσιν αἱ ἀρχαὶ καὶ τὰ Δικαστήρια, θ' ἀπαντήσωσιν συμβούλια καὶ θ' ἀποστείλωσι τὴν ἐκλογὴν τῶν ἀρχῶν καὶ τῶν ἐπιτροπῶν.

Πότε ἀπέρχεται ὁ ναύαρχος Σκρύδλωφ

Τὴν Κυριακὴν ἀπεχωρήθη ἐκ τῷ ἡ ἀφίξις τοῦ ἐπὶ τῆς μεγάλης ἐπιτροπῆς Ρώσσου ναυάρχου κ. Σκρύδλωφ καὶ τὸ πιθανὸν.

Ὁ κ. Σκρύδλωφ μεθαύριον ἀπέρχεται ἐκ τῆς Κρήτης, ἐπιστρέφοντος, μάλιστα πολλῶν παρὰ τῆς μεγάλης ἐπιτροπῆς καὶ ἰδίᾳ πρὸς τὴν Ἀλεξάνδρειαν.

Ἄφιξις ὑποστρατήγου κ. Καραμαζῆ

Ἀπὸ προχθὲς εὑρίσκεται ἐνταῦθα, κατόπιν τοῦ Ἡρακλείου ἀγγλικὸς ὑποστράτηγος κ. Καρμαζῆ, ἐπιστρέψας ἐκ τῆς Ἀγγλίας.

Ἀπὸ τέως φαίνεται ὅτι ἐδελτιώθη μακρὸς τῆς Ἡρακλείου κατάστασις.
